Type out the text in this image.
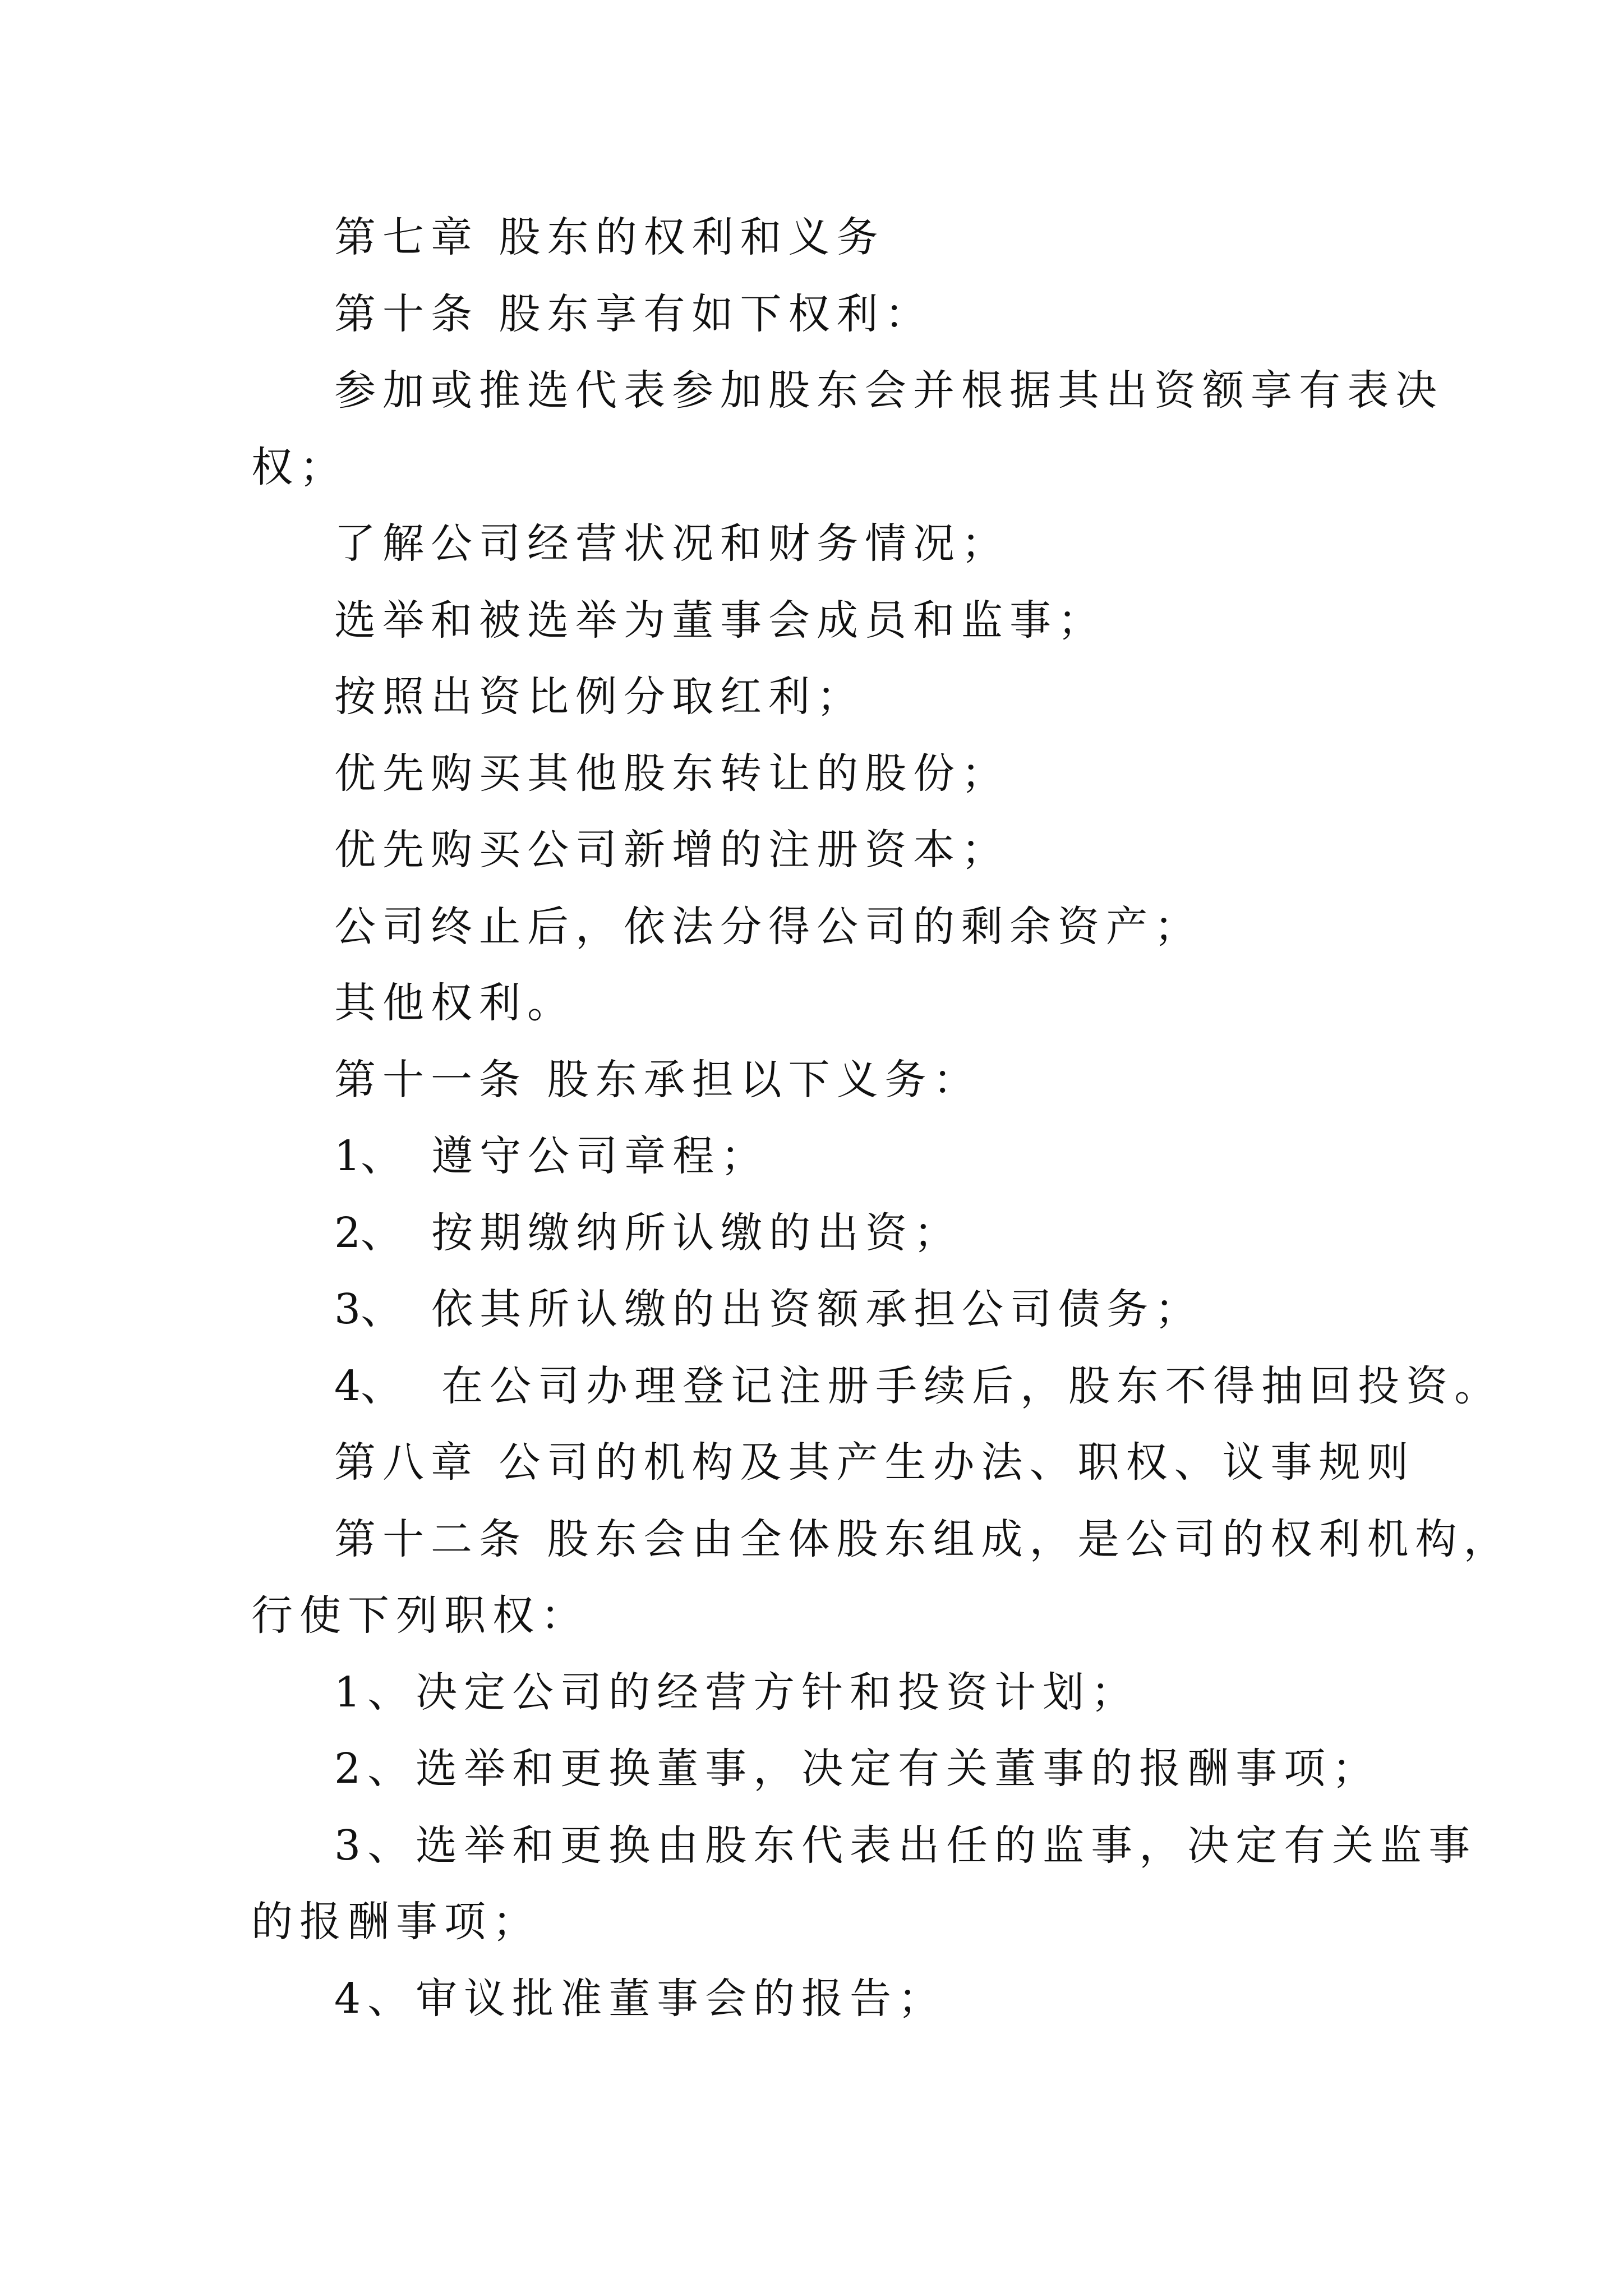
第七章 股东的权利和义务

第十条 股东享有如下权利：

参加或推选代表参加股东会并根据其出资额享有表决

权；

了解公司经营状况和财务情况；

选举和被选举为董事会成员和监事；

按照出资比例分取红利；

优先购买其他股东转让的股份；

优先购买公司新增的注册资本；

公司终止后，依法分得公司的剩余资产；

其他权利。

第十一条 股东承担以下义务：

1、 遵守公司章程；

2、 按期缴纳所认缴的出资；

3、 依其所认缴的出资额承担公司债务；

4、 在公司办理登记注册手续后，股东不得抽回投资。

第八章 公司的机构及其产生办法、职权、议事规则

第十二条 股东会由全体股东组成，是公司的权利机构，

行使下列职权：

1、决定公司的经营方针和投资计划；

2、选举和更换董事，决定有关董事的报酬事项；

3、选举和更换由股东代表出任的监事，决定有关监事

的报酬事项；

4、审议批准董事会的报告；
